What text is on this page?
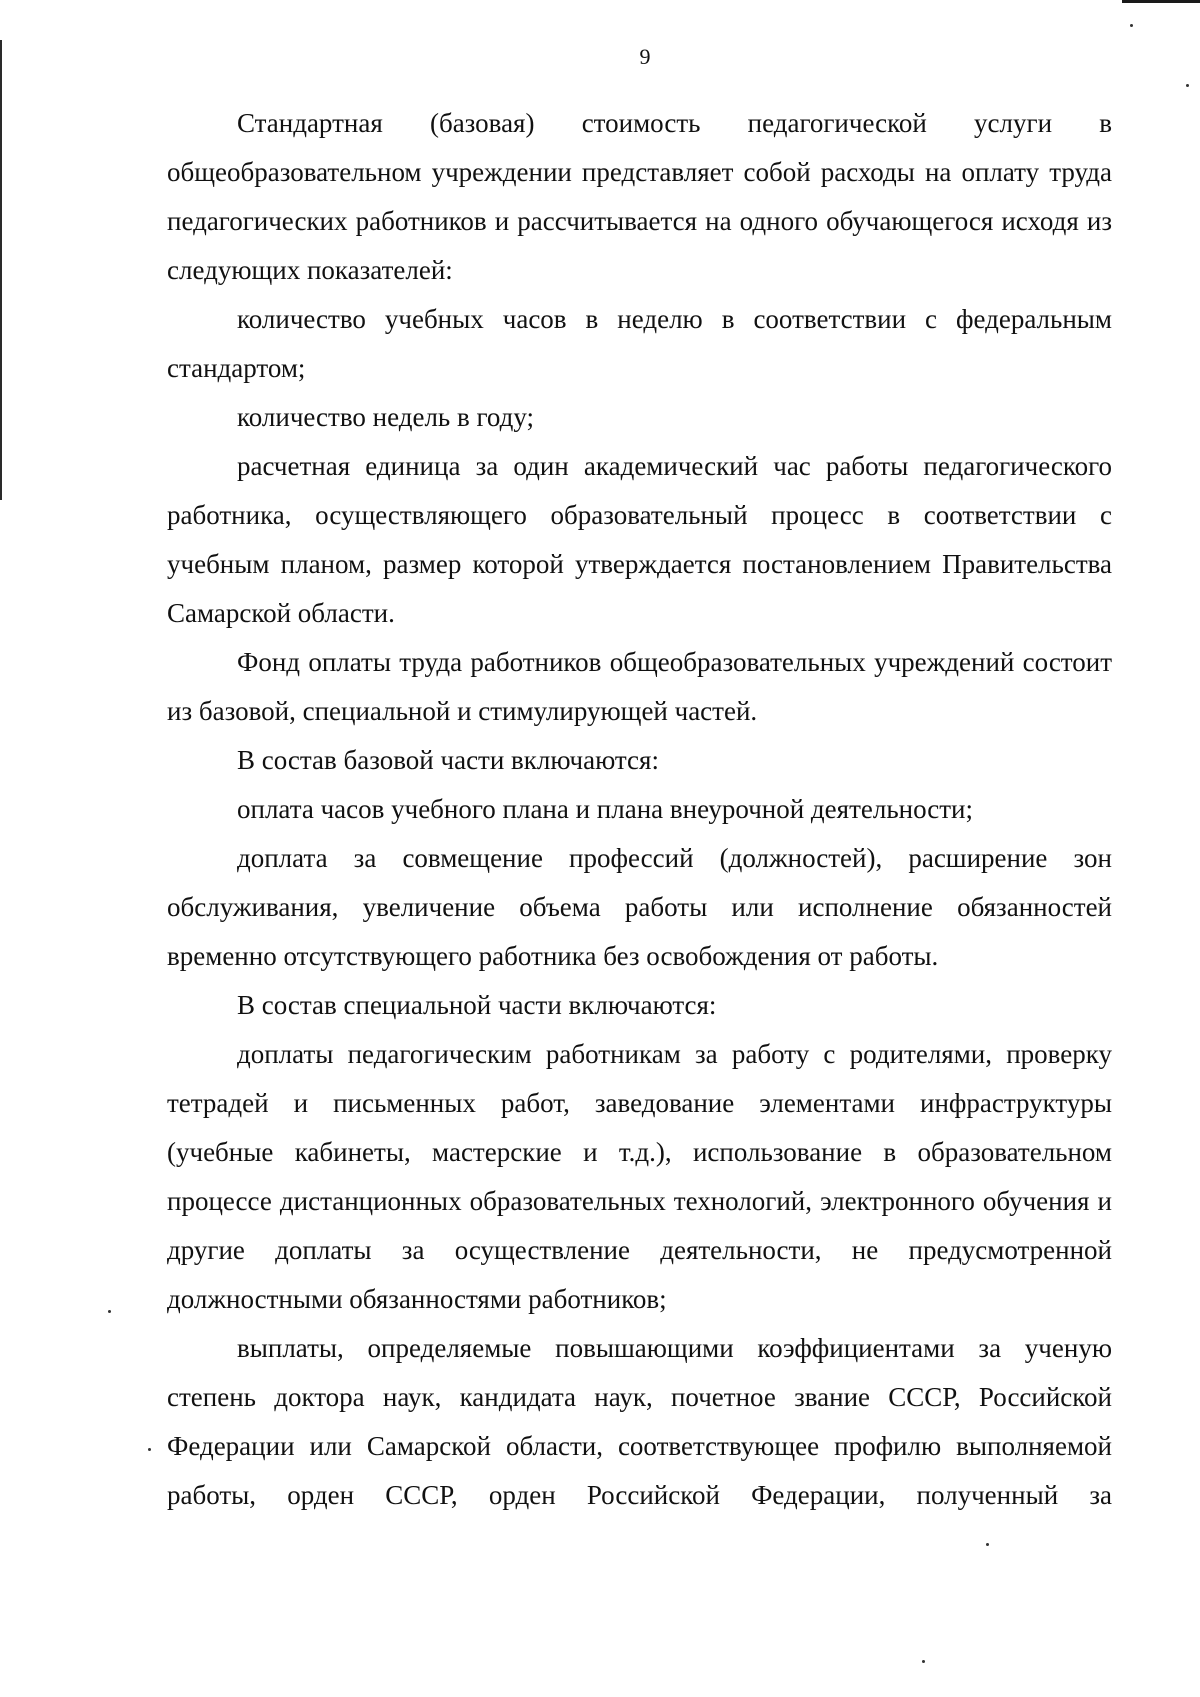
9

Стандартная (базовая) стоимость педагогической услуги в общеобразовательном учреждении представляет собой расходы на оплату труда педагогических работников и рассчитывается на одного обучающегося исходя из следующих показателей:

количество учебных часов в неделю в соответствии с федеральным стандартом;

количество недель в году;

расчетная единица за один академический час работы педагогического работника, осуществляющего образовательный процесс в соответствии с учебным планом, размер которой утверждается постановлением Правительства Самарской области.

Фонд оплаты труда работников общеобразовательных учреждений состоит из базовой, специальной и стимулирующей частей.

В состав базовой части включаются:

оплата часов учебного плана и плана внеурочной деятельности;

доплата за совмещение профессий (должностей), расширение зон обслуживания, увеличение объема работы или исполнение обязанностей временно отсутствующего работника без освобождения от работы.

В состав специальной части включаются:

доплаты педагогическим работникам за работу с родителями, проверку тетрадей и письменных работ, заведование элементами инфраструктуры (учебные кабинеты, мастерские и т.д.), использование в образовательном процессе дистанционных образовательных технологий, электронного обучения и другие доплаты за осуществление деятельности, не предусмотренной должностными обязанностями работников;

выплаты, определяемые повышающими коэффициентами за ученую степень доктора наук, кандидата наук, почетное звание СССР, Российской Федерации или Самарской области, соответствующее профилю выполняемой работы, орден СССР, орден Российской Федерации, полученный за
